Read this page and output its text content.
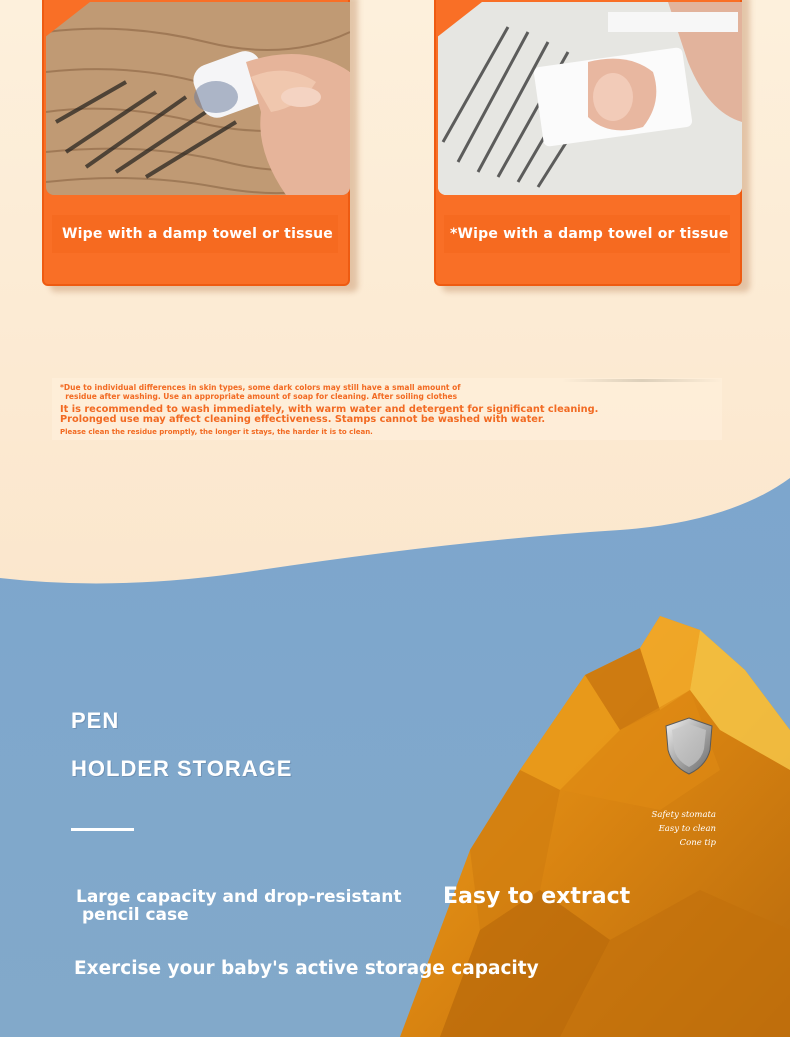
Wipe with a damp towel or tissue	*Wipe with a damp towel or tissue

*Due to individual differences in skin types, some dark colors may still have a small amount of
residue after washing. Use an appropriate amount of soap for cleaning. After soiling clothes

It is recommended to wash immediately, with warm water and detergent for significant cleaning.

Prolonged use may affect cleaning effectiveness. Stamps cannot be washed with water.

Please clean the residue promptly, the longer it stays, the harder it is to clean.

Safety stomata
Easy to clean
Cone tip
PEN
HOLDER STORAGE
Large capacity and drop-resistant
pencil case
Easy to extract
Exercise your baby's active storage capacity
